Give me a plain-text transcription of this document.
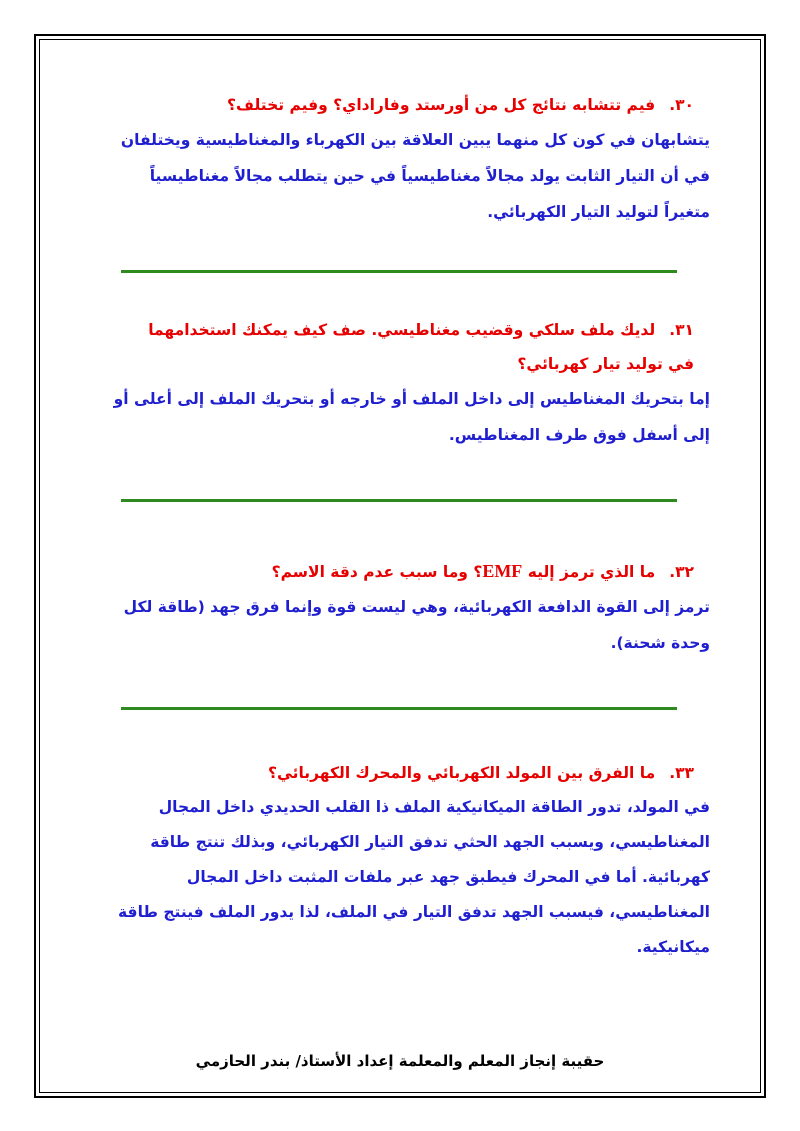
٣٠.فيم تتشابه نتائج كل من أورستد وفاراداي؟ وفيم تختلف؟

يتشابهان في كون كل منهما يبين العلاقة بين الكهرباء والمغناطيسية ويختلفان في أن التيار الثابت يولد مجالاً مغناطيسياً في حين يتطلب مجالاً مغناطيسياً متغيراً لتوليد التيار الكهربائي.

٣١.لديك ملف سلكي وقضيب مغناطيسي. صف كيف يمكنك استخدامهما في توليد تيار كهربائي؟

إما بتحريك المغناطيس إلى داخل الملف أو خارجه أو بتحريك الملف إلى أعلى أو إلى أسفل فوق طرف المغناطيس.

٣٢.ما الذي ترمز إليه EMF؟ وما سبب عدم دقة الاسم؟

ترمز إلى القوة الدافعة الكهربائية، وهي ليست قوة وإنما فرق جهد (طاقة لكل وحدة شحنة).

٣٣.ما الفرق بين المولد الكهربائي والمحرك الكهربائي؟

في المولد، تدور الطاقة الميكانيكية الملف ذا القلب الحديدي داخل المجال المغناطيسي، ويسبب الجهد الحثي تدفق التيار الكهربائي، وبذلك تنتج طاقة كهربائية. أما في المحرك فيطبق جهد عبر ملفات المثبت داخل المجال المغناطيسي، فيسبب الجهد تدفق التيار في الملف، لذا يدور الملف فينتج طاقة ميكانيكية.

حقيبة إنجاز المعلم والمعلمة إعداد الأستاذ/ بندر الحازمي
